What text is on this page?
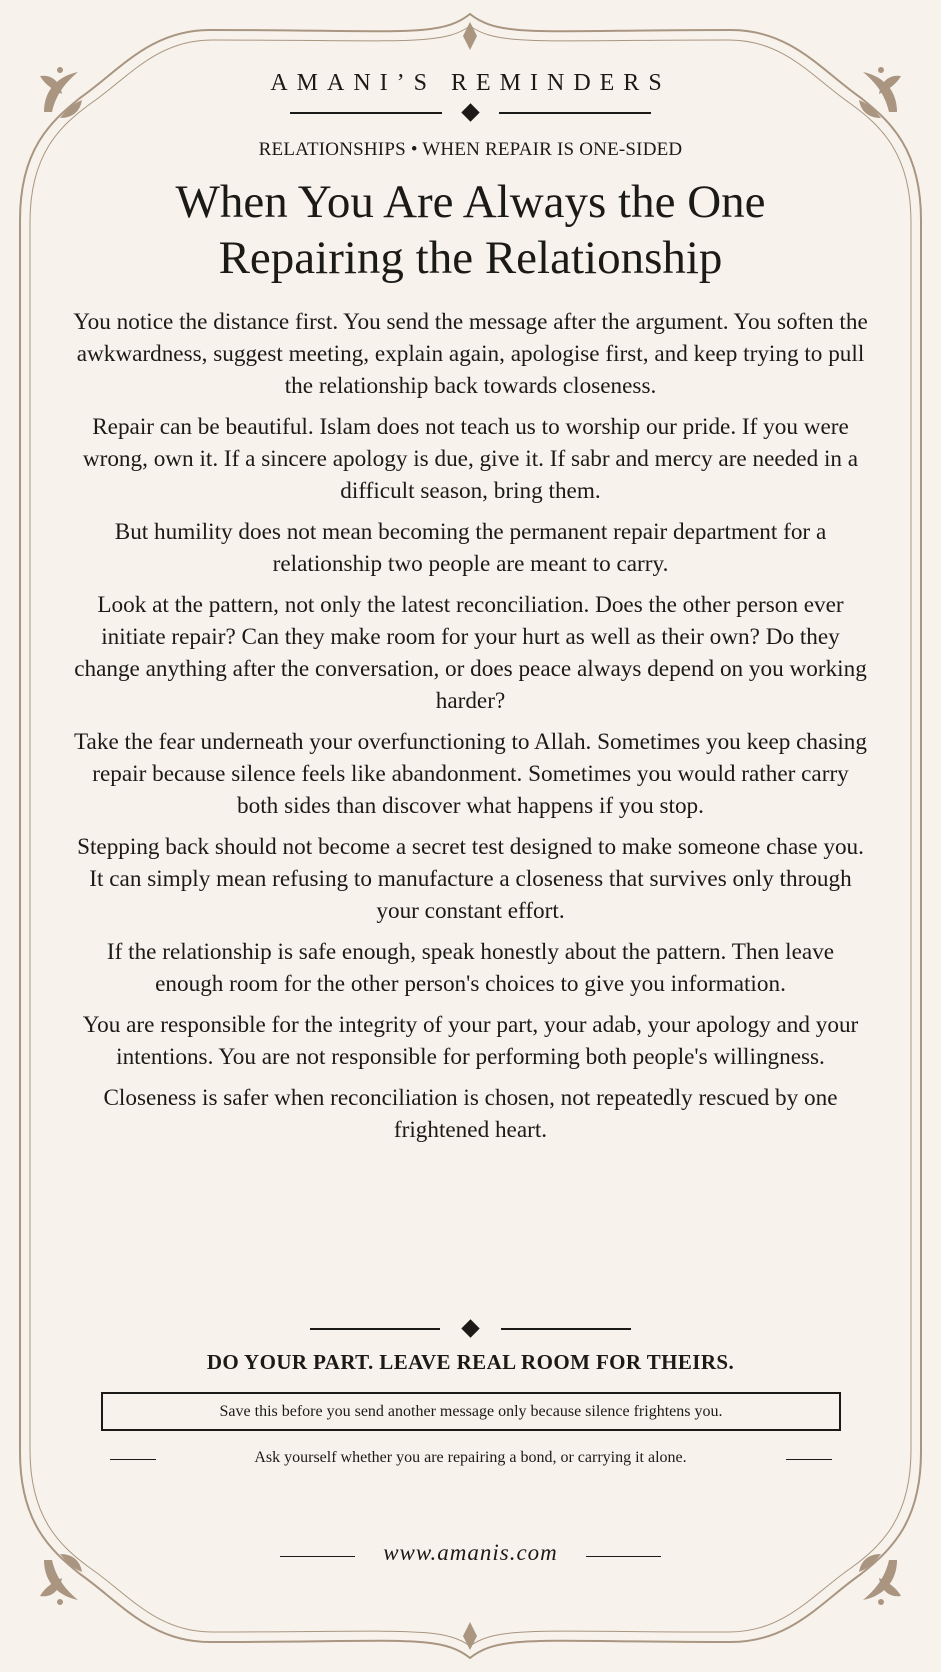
AMANI’S REMINDERS
RELATIONSHIPS • WHEN REPAIR IS ONE-SIDED
When You Are Always the One
Repairing the Relationship

You notice the distance first. You send the message after the argument. You soften the awkwardness, suggest meeting, explain again, apologise first, and keep trying to pull the relationship back towards closeness.

Repair can be beautiful. Islam does not teach us to worship our pride. If you were wrong, own it. If a sincere apology is due, give it. If sabr and mercy are needed in a difficult season, bring them.

But humility does not mean becoming the permanent repair department for a relationship two people are meant to carry.

Look at the pattern, not only the latest reconciliation. Does the other person ever initiate repair? Can they make room for your hurt as well as their own? Do they change anything after the conversation, or does peace always depend on you working harder?

Take the fear underneath your overfunctioning to Allah. Sometimes you keep chasing repair because silence feels like abandonment. Sometimes you would rather carry both sides than discover what happens if you stop.

Stepping back should not become a secret test designed to make someone chase you. It can simply mean refusing to manufacture a closeness that survives only through your constant effort.

If the relationship is safe enough, speak honestly about the pattern. Then leave enough room for the other person's choices to give you information.

You are responsible for the integrity of your part, your adab, your apology and your intentions. You are not responsible for performing both people's willingness.

Closeness is safer when reconciliation is chosen, not repeatedly rescued by one frightened heart.

DO YOUR PART. LEAVE REAL ROOM FOR THEIRS.
Save this before you send another message only because silence frightens you.
Ask yourself whether you are repairing a bond, or carrying it alone.
www.amanis.com
